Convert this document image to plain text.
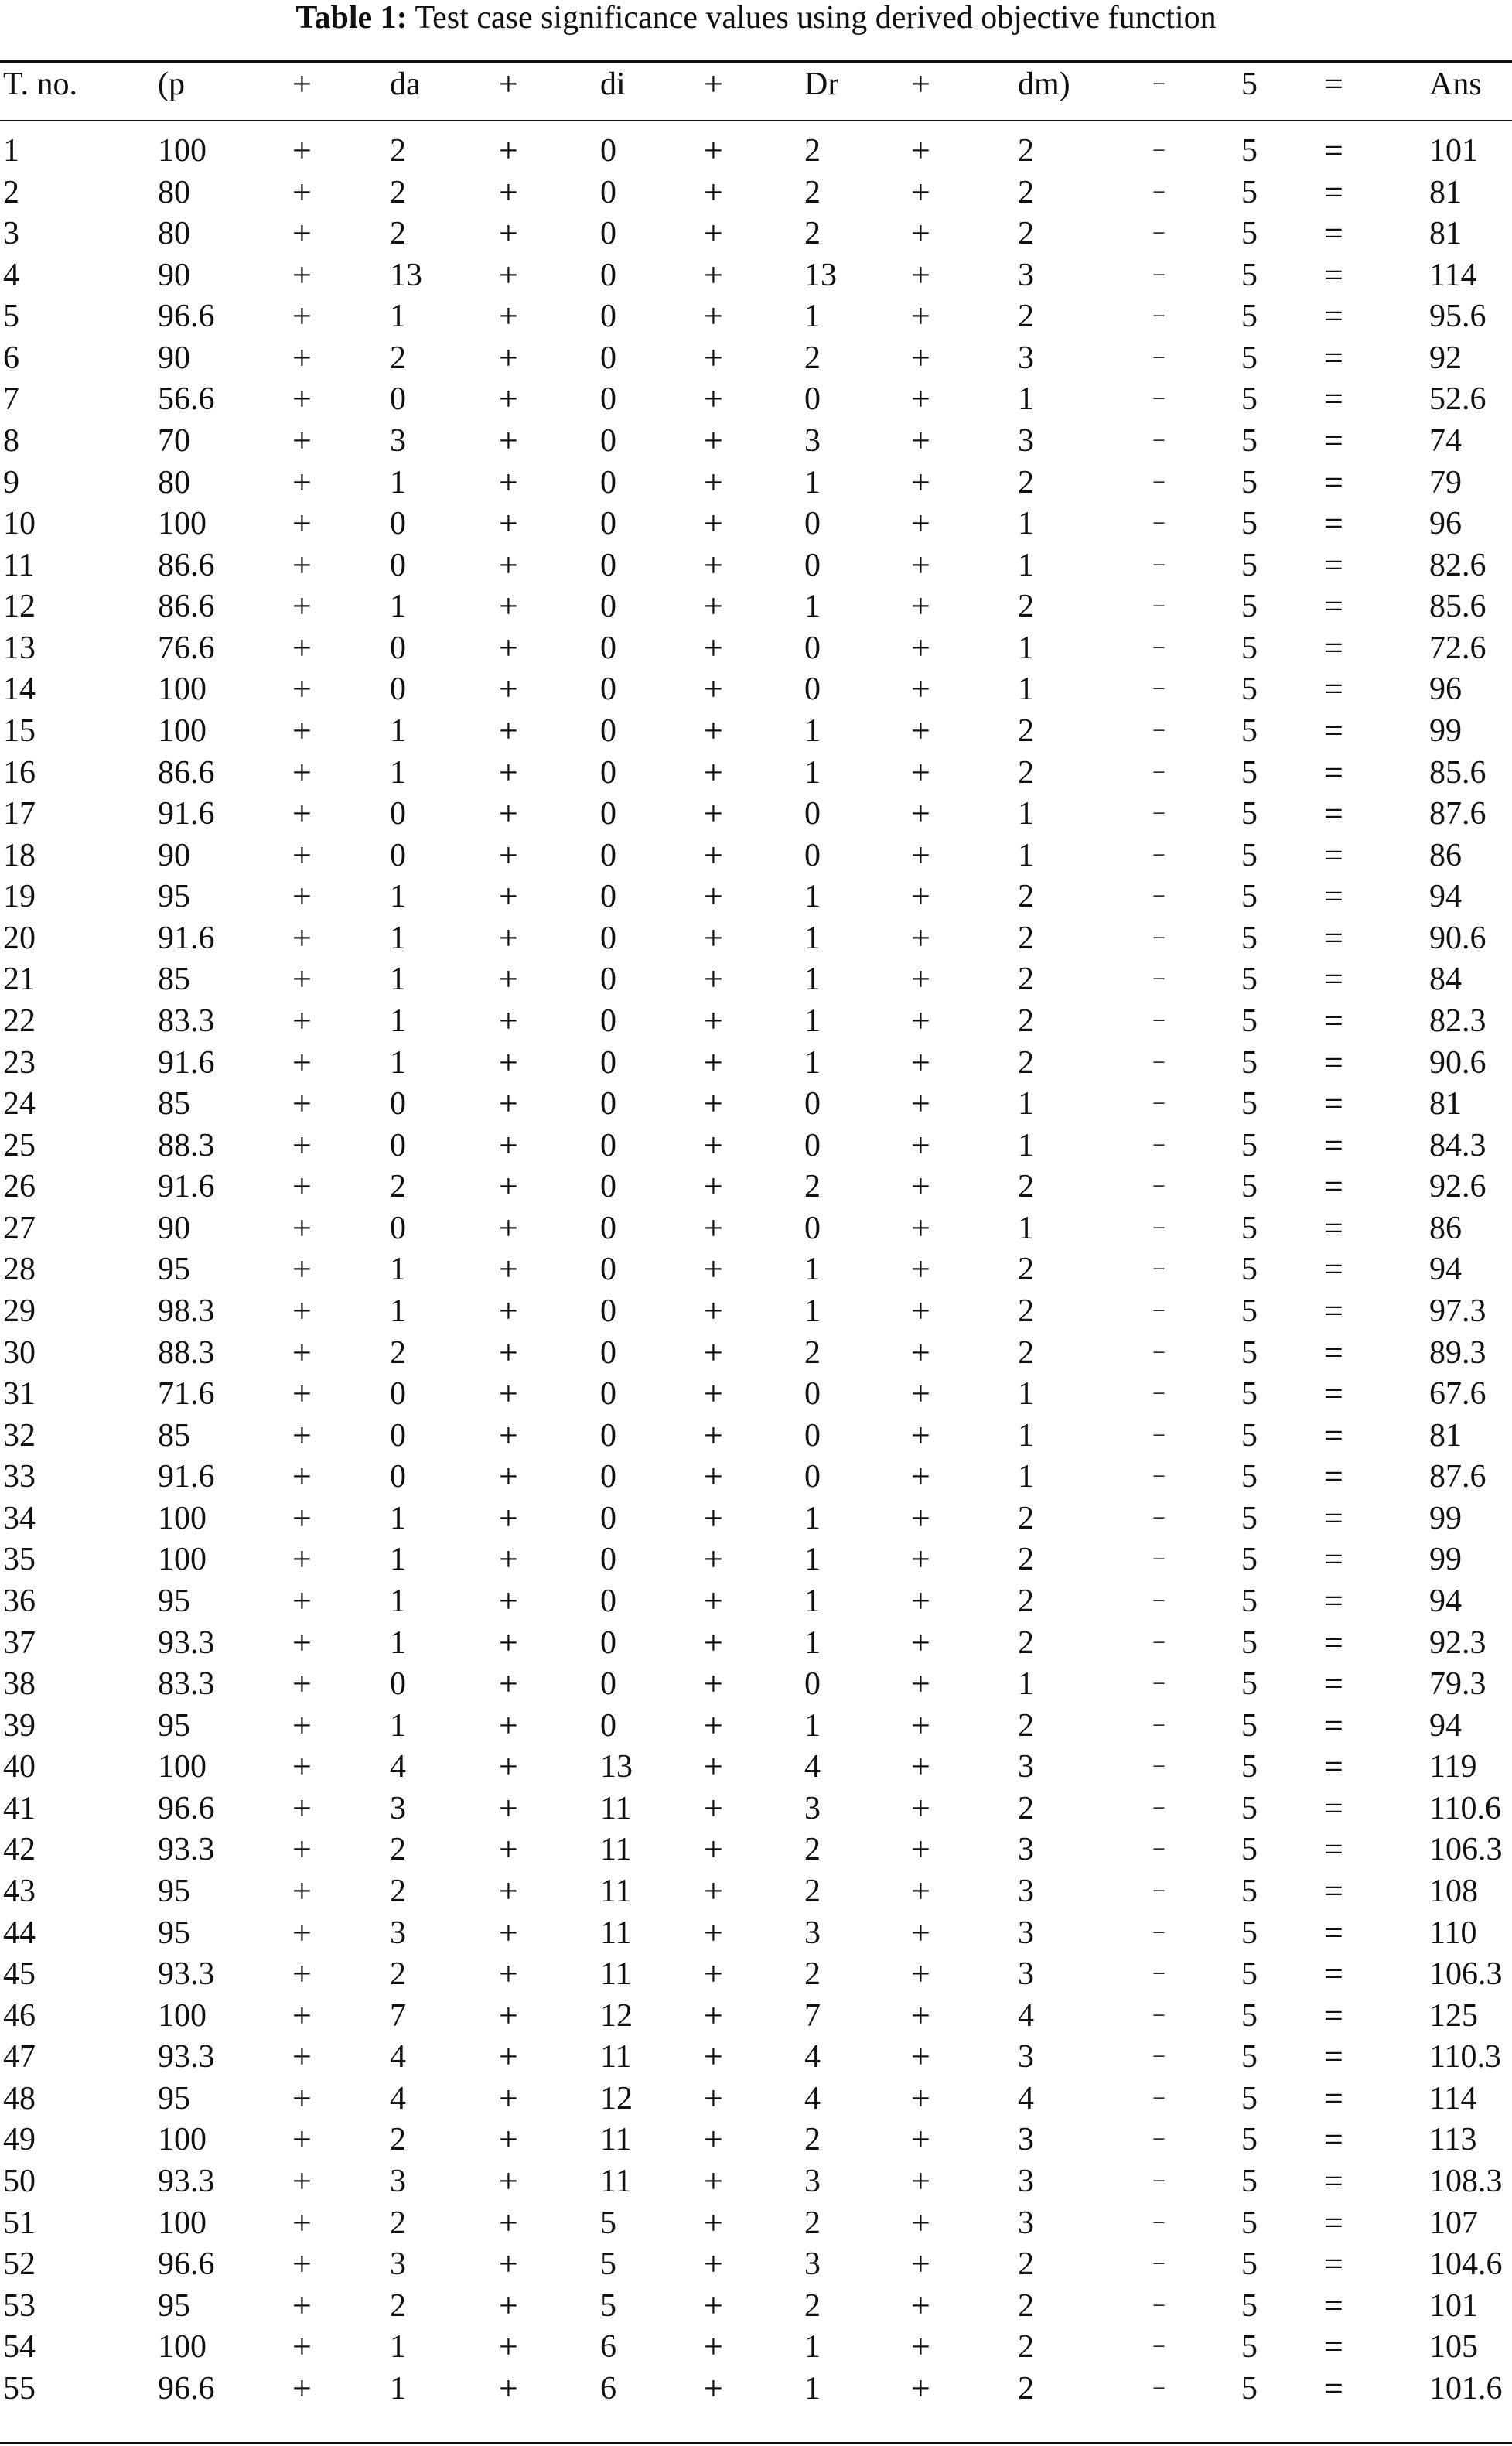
Table 1: Test case significance values using derived objective function
T. no. (p	+ da +	di +	Dr +	dm)	− 5 =	Ans
1	100	+ 2	+	0	+	2	+	2	− 5 =	101
2	80	+ 2	+	0	+	2	+	2	− 5 =	81
3	80	+ 2	+	0	+	2	+	2	− 5 =	81
4	90	+ 13 +	0	+	13 +	3	− 5 =	114
5	96.6 + 1	+	0	+	1	+	2	− 5 =	95.6
6	90	+ 2	+	0	+	2	+	3	− 5 =	92
7	56.6 + 0	+	0	+	0	+	1	− 5 =	52.6
8	70	+ 3	+	0	+	3	+	3	− 5 =	74
9	80	+ 1	+	0	+	1	+	2	− 5 =	79
10	100	+ 0	+	0	+	0	+	1	− 5 =	96
11	86.6 + 0	+	0	+	0	+	1	− 5 =	82.6
12	86.6 + 1	+	0	+	1	+	2	− 5 =	85.6
13	76.6 + 0	+	0	+	0	+	1	− 5 =	72.6
14	100	+ 0	+	0	+	0	+	1	− 5 =	96
15	100	+ 1	+	0	+	1	+	2	− 5 =	99
16	86.6 + 1	+	0	+	1	+	2	− 5 =	85.6
17	91.6 + 0	+	0	+	0	+	1	− 5 =	87.6
18	90	+ 0	+	0	+	0	+	1	− 5 =	86
19	95	+ 1	+	0	+	1	+	2	− 5 =	94
20	91.6 + 1	+	0	+	1	+	2	− 5 =	90.6
21	85	+ 1	+	0	+	1	+	2	− 5 =	84
22	83.3 + 1	+	0	+	1	+	2	− 5 =	82.3
23	91.6 + 1	+	0	+	1	+	2	− 5 =	90.6
24	85	+ 0	+	0	+	0	+	1	− 5 =	81
25	88.3 + 0	+	0	+	0	+	1	− 5 =	84.3
26	91.6 + 2	+	0	+	2	+	2	− 5 =	92.6
27	90	+ 0	+	0	+	0	+	1	− 5 =	86
28	95	+ 1	+	0	+	1	+	2	− 5 =	94
29	98.3 + 1	+	0	+	1	+	2	− 5 =	97.3
30	88.3 + 2	+	0	+	2	+	2	− 5 =	89.3
31	71.6 + 0	+	0	+	0	+	1	− 5 =	67.6
32	85	+ 0	+	0	+	0	+	1	− 5 =	81
33	91.6 + 0	+	0	+	0	+	1	− 5 =	87.6
34	100	+ 1	+	0	+	1	+	2	− 5 =	99
35	100	+ 1	+	0	+	1	+	2	− 5 =	99
36	95	+ 1	+	0	+	1	+	2	− 5 =	94
37	93.3 + 1	+	0	+	1	+	2	− 5 =	92.3
38	83.3 + 0	+	0	+	0	+	1	− 5 =	79.3
39	95	+ 1	+	0	+	1	+	2	− 5 =	94
40	100	+ 4	+	13 +	4	+	3	− 5 =	119
41	96.6 + 3	+	11 +	3	+	2	− 5 =	110.6
42	93.3 + 2	+	11 +	2	+	3	− 5 =	106.3
43	95	+ 2	+	11 +	2	+	3	− 5 =	108
44	95	+ 3	+	11 +	3	+	3	− 5 =	110
45	93.3 + 2	+	11 +	2	+	3	− 5 =	106.3
46	100	+ 7	+	12 +	7	+	4	− 5 =	125
47	93.3 + 4	+	11 +	4	+	3	− 5 =	110.3
48	95	+ 4	+	12 +	4	+	4	− 5 =	114
49	100	+ 2	+	11 +	2	+	3	− 5 =	113
50	93.3 + 3	+	11 +	3	+	3	− 5 =	108.3
51	100	+ 2	+	5	+	2	+	3	− 5 =	107
52	96.6 + 3	+	5	+	3	+	2	− 5 =	104.6
53	95	+ 2	+	5	+	2	+	2	− 5 =	101
54	100	+ 1	+	6	+	1	+	2	− 5 =	105
55	96.6 + 1	+	6	+	1	+	2	− 5 =	101.6
